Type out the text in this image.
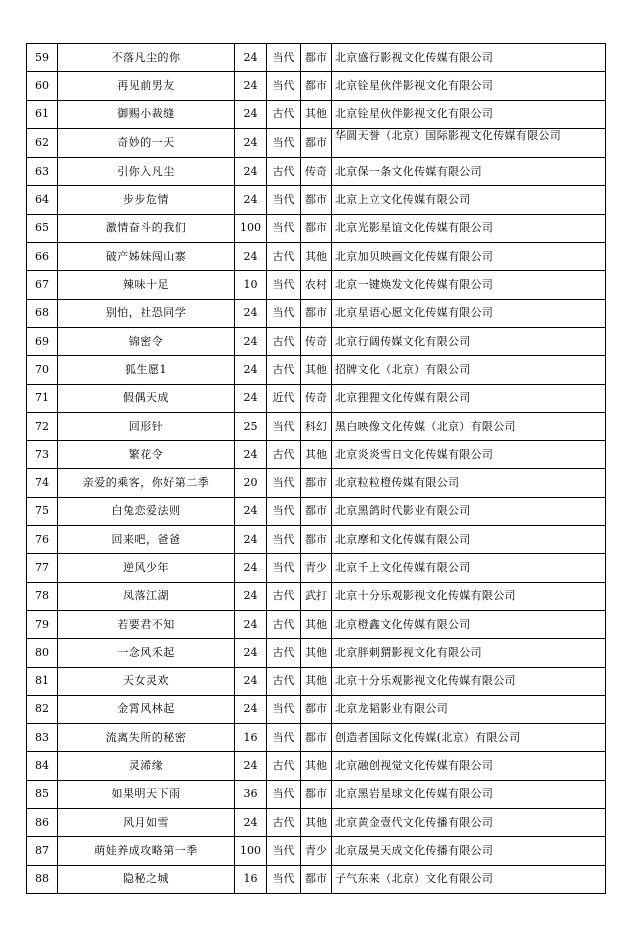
59	不落凡尘的你	24	当代	都市	北京盛行影视文化传媒有限公司
60	再见前男友	24	当代	都市	北京铨星伙伴影视文化有限公司
61	御赐小裁缝	24	古代	其他	北京铨星伙伴影视文化有限公司
62	奇妙的一天	24	当代	都市	华圆天誉（北京）国际影视文化传媒有限公司
63	引你入凡尘	24	古代	传奇	北京保一条文化传媒有限公司
64	步步危情	24	当代	都市	北京上立文化传媒有限公司
65	激情奋斗的我们	100	当代	都市	北京光影星谊文化传媒有限公司
66	破产姊妹闯山寨	24	古代	其他	北京加贝映画文化传媒有限公司
67	辣味十足	10	当代	农村	北京一键焕发文化传媒有限公司
68	别怕，社恐同学	24	当代	都市	北京星语心愿文化传媒有限公司
69	锦密令	24	古代	传奇	北京行阔传媒文化有限公司
70	狐生愿1	24	古代	其他	招牌文化（北京）有限公司
71	假偶天成	24	近代	传奇	北京狸狸文化传媒有限公司
72	回形针	25	当代	科幻	黑白映像文化传媒（北京）有限公司
73	繁花令	24	古代	其他	北京炎炎雪日文化传媒有限公司
74	亲爱的乘客，你好第二季	20	当代	都市	北京粒粒橙传媒有限公司
75	白兔恋爱法则	24	当代	都市	北京黑鸽时代影业有限公司
76	回来吧，爸爸	24	当代	都市	北京摩和文化传媒有限公司
77	逆风少年	24	当代	青少	北京千上文化传媒有限公司
78	凤落江湖	24	古代	武打	北京十分乐观影视文化传媒有限公司
79	若要君不知	24	古代	其他	北京橙鑫文化传媒有限公司
80	一念风禾起	24	古代	其他	北京胖刺猬影视文化有限公司
81	天女灵欢	24	古代	其他	北京十分乐观影视文化传媒有限公司
82	金霄风林起	24	当代	都市	北京龙韬影业有限公司
83	流离失所的秘密	16	当代	都市	创造者国际文化传媒(北京）有限公司
84	灵浠缘	24	古代	其他	北京融创视觉文化传媒有限公司
85	如果明天下雨	36	当代	都市	北京黑岩星球文化传媒有限公司
86	风月如雪	24	古代	其他	北京黄金壹代文化传播有限公司
87	萌娃养成攻略第一季	100	当代	青少	北京晟昊天成文化传播有限公司
88	隐秘之城	16	当代	都市	子气东来（北京）文化有限公司
